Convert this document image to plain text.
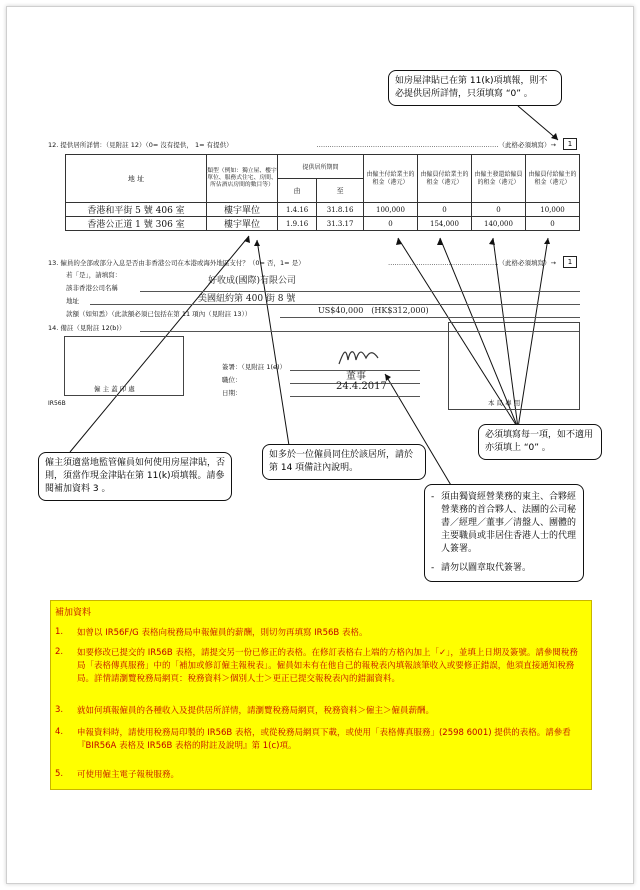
如房屋津貼已在第 11(k)項填報，則不必提供居所詳情，只須填寫 “0” 。
12. 提供居所詳情：（見附註 12）（0= 沒有提供， 1= 有提供）	…………………………………………………………………………（此格必須填寫）→	1
地 址	類型（例如：獨立屋、樓宇單位、服務式住宅、房間、所佔酒店房間的數目等）	提供居所期間		由僱主付給業主的租金（港元）	由僱員付給業主的租金（港元）	由僱主發還給僱員的租金（港元）	由僱員付給僱主的租金（港元）
		由	至				
香港和平街 5 號 406 室	樓宇單位	1.4.16	31.8.16	100,000	0	0	10,000
香港公正道 1 號 306 室	樓宇單位	1.9.16	31.3.17	0	154,000	140,000	0
13. 僱員的全部或部分入息是否由非香港公司在本港或海外地區支付？（0= 否，1= 是）	……………………………………………（此格必須填寫）→	1
若「是」，請填寫：
該非香港公司名稱
地址
款額（如知悉）（此款額必須已包括在第 11 項內（見附註 13））
好收成(國際)有限公司
美國紐約第 400 街 8 號
US$40,000　(HK$312,000)
14. 備註（見附註 12(b)）
僱 主 蓋 印 處
IR56B
簽署：（見附註 1(e)）
職位：
日期：
董事
24.4.2017
本 局 專 用
僱主須適當地監管僱員如何使用房屋津貼，否則，須當作現金津貼在第 11(k)項填報。請參閱補加資料 3 。
如多於一位僱員同住於該居所，請於第 14 項備註內說明。
必須填寫每一項，如不適用亦須填上 “0” 。
- 須由獨資經營業務的東主、合夥經營業務的首合夥人、法團的公司秘書／經理／董事／清盤人、團體的主要職員或非居住香港人士的代理人簽署。
- 請勿以圖章取代簽署。
補加資料
1. 如曾以 IR56F/G 表格向稅務局申報僱員的薪酬，則切勿再填寫 IR56B 表格。
2. 如要修改已提交的 IR56B 表格，請提交另一份已修正的表格。在修訂表格右上端的方格內加上「✓」，並填上日期及簽號。請參閱稅務局「表格傳真服務」中的「補加或修訂僱主報稅表」。僱員如未有在他自己的報稅表內填報該筆收入或要修正錯誤，他須直接通知稅務局。詳情請瀏覽稅務局網頁：稅務資料＞個別人士＞更正已提交報稅表內的錯漏資料。
3. 就如何填報僱員的各種收入及提供居所詳情，請瀏覽稅務局網頁，稅務資料＞僱主＞僱員薪酬。
4. 申報資料時，請使用稅務局印製的 IR56B 表格，或從稅務局網頁下載，或使用「表格傳真服務」(2598 6001) 提供的表格。請參看『BIR56A 表格及 IR56B 表格的附註及說明』第 1(c)項。
5. 可使用僱主電子報稅服務。
